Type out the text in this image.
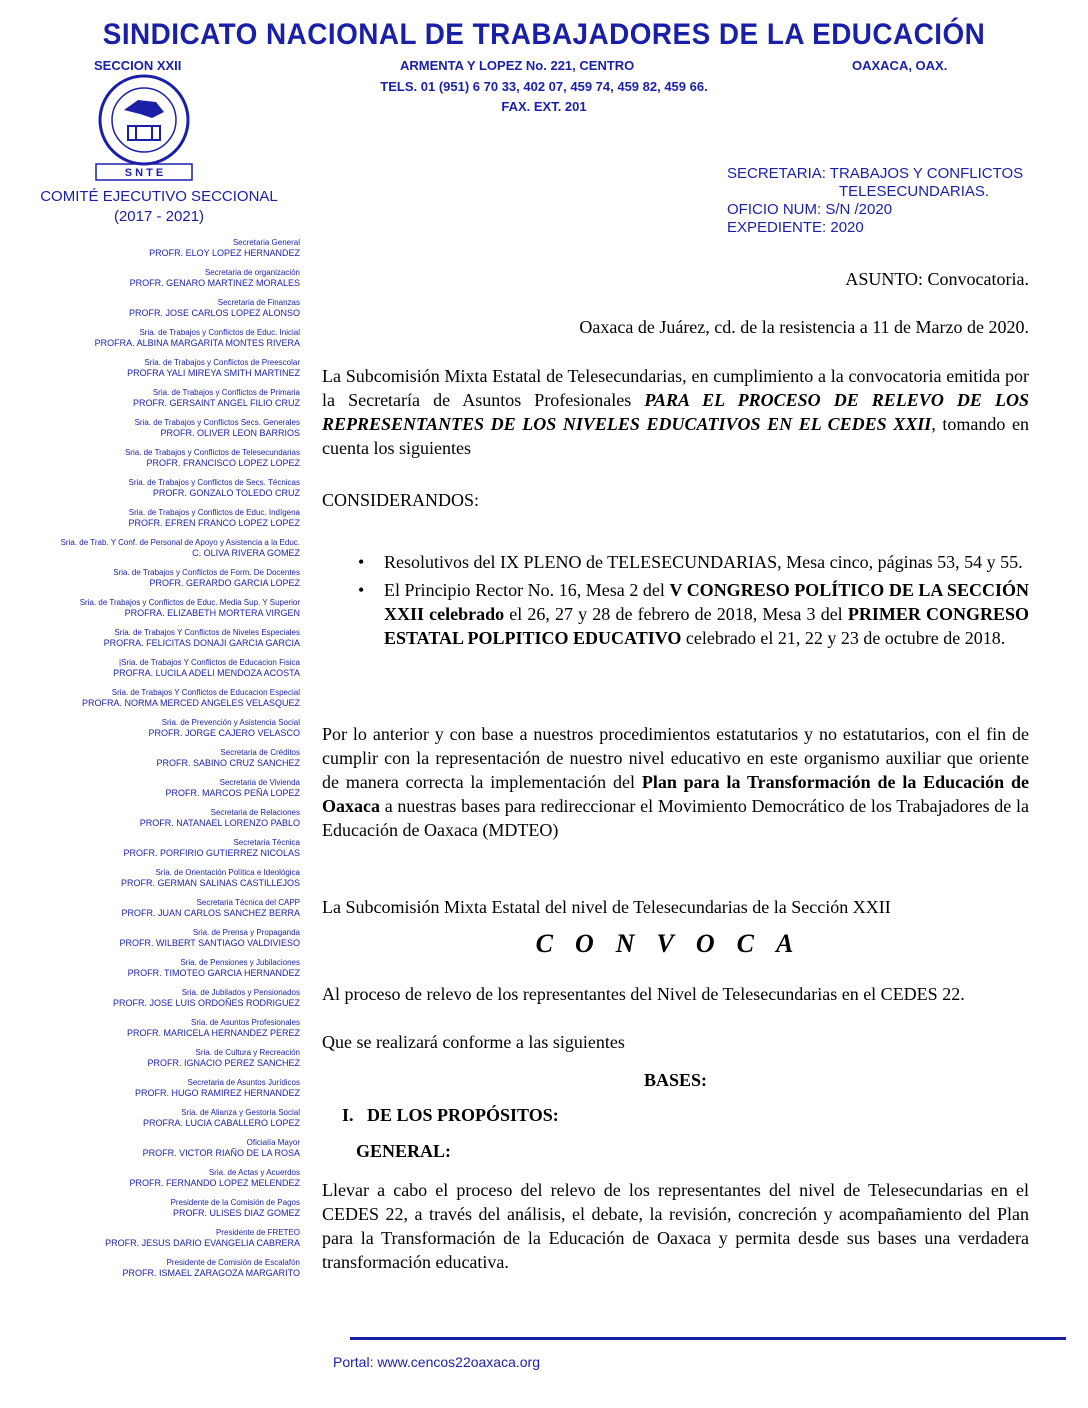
SINDICATO NACIONAL DE TRABAJADORES DE LA EDUCACIÓN
SECCION XXII	ARMENTA Y LOPEZ No. 221, CENTRO	OAXACA, OAX.
TELS. 01 (951) 6 70 33, 402 07, 459 74, 459 82, 459 66.
FAX. EXT. 201
S N T E
COMITÉ EJECUTIVO SECCIONAL
(2017 - 2021)
Secretaria General
PROFR. ELOY LOPEZ HERNANDEZ
Secretaria de organización
PROFR. GENARO MARTINEZ MORALES
Secretaria de Finanzas
PROFR. JOSE CARLOS LOPEZ ALONSO
Sria. de Trabajos y Conflictos de Educ. Inicial
PROFRA. ALBINA MARGARITA MONTES RIVERA
Sria. de Trabajos y Conflictos de Preescolar
PROFRA YALI MIREYA SMITH MARTINEZ
Sria. de Trabajos y Conflictos de Primaria
PROFR. GERSAINT ANGEL FILIO CRUZ
Sria. de Trabajos y Conflictos Secs. Generales
PROFR. OLIVER LEON BARRIOS
Sria. de Trabajos y Conflictos de Telesecundarias
PROFR. FRANCISCO LOPEZ LOPEZ
Sria. de Trabajos y Conflictos de Secs. Técnicas
PROFR. GONZALO TOLEDO CRUZ
Sria. de Trabajos y Conflictos de Educ. Indígena
PROFR. EFREN FRANCO LOPEZ LOPEZ
Sria. de Trab. Y Conf. de Personal de Apoyo y Asistencia a la Educ.
C. OLIVA RIVERA GOMEZ
Sria. de Trabajos y Conflictos de Form. De Docentes
PROFR. GERARDO GARCIA LOPEZ
Sria. de Trabajos y Conflictos de Educ. Media Sup. Y Superior
PROFRA. ELIZABETH MORTERA VIRGEN
Sria. de Trabajos Y Conflictos de Niveles Especiales
PROFRA. FELICITAS DONAJI GARCIA GARCIA
|Sria. de Trabajos Y Conflictos de Educacion Fisica
PROFRA. LUCILA ADELI MENDOZA ACOSTA
Sria. de Trabajos Y Conflictos de Educacion Especial
PROFRA. NORMA MERCED ANGELES VELASQUEZ
Sria. de Prevención y Asistencia Social
PROFR. JORGE CAJERO VELASCO
Secretaria de Créditos
PROFR. SABINO CRUZ SANCHEZ
Secretaria de Vivienda
PROFR. MARCOS PEÑA LOPEZ
Secretaria de Relaciones
PROFR. NATANAEL LORENZO PABLO
Secretaria Técnica
PROFR. PORFIRIO GUTIERREZ NICOLAS
Sria. de Orientación Política e Ideológica
PROFR. GERMAN SALINAS CASTILLEJOS
Secretaria Técnica del CAPP
PROFR. JUAN CARLOS SANCHEZ BERRA
Sria. de Prensa y Propaganda
PROFR. WILBERT SANTIAGO VALDIVIESO
Sria. de Pensiones y Jubilaciones
PROFR. TIMOTEO GARCIA HERNANDEZ
Sria. de Jubilados y Pensionados
PROFR. JOSE LUIS ORDOÑES RODRIGUEZ
Sria. de Asuntos Profesionales
PROFR. MARICELA HERNANDEZ PEREZ
Sria. de Cultura y Recreación
PROFR. IGNACIO PEREZ SANCHEZ
Secretaria de Asuntos Jurídicos
PROFR. HUGO RAMIREZ HERNANDEZ
Sria. de Alianza y Gestoría Social
PROFRA. LUCIA CABALLERO LOPEZ
Oficialía Mayor
PROFR. VICTOR RIAÑO DE LA ROSA
Sria. de Actas y Acuerdos
PROFR. FERNANDO LOPEZ MELENDEZ
Presidente de la Comisión de Pagos
PROFR. ULISES DIAZ GOMEZ
Presidente de FRETEO
PROFR. JESUS DARIO EVANGELIA CABRERA
Presidente de Comisión de Escalafón
PROFR. ISMAEL ZARAGOZA MARGARITO
SECRETARIA: TRABAJOS Y CONFLICTOS
TELESECUNDARIAS.
OFICIO NUM: S/N /2020
EXPEDIENTE: 2020
ASUNTO: Convocatoria.
Oaxaca de Juárez, cd. de la resistencia a 11 de Marzo de 2020.
La Subcomisión Mixta Estatal de Telesecundarias, en cumplimiento a la convocatoria emitida por la Secretaría de Asuntos Profesionales PARA EL PROCESO DE RELEVO DE LOS REPRESENTANTES DE LOS NIVELES EDUCATIVOS EN EL CEDES XXII, tomando en cuenta los siguientes
CONSIDERANDOS:
• Resolutivos del IX PLENO de TELESECUNDARIAS, Mesa cinco, páginas 53, 54 y 55.
• El Principio Rector No. 16, Mesa 2 del V CONGRESO POLÍTICO DE LA SECCIÓN XXII celebrado el 26, 27 y 28 de febrero de 2018, Mesa 3 del PRIMER CONGRESO ESTATAL POLPITICO EDUCATIVO celebrado el 21, 22 y 23 de octubre de 2018.
Por lo anterior y con base a nuestros procedimientos estatutarios y no estatutarios, con el fin de cumplir con la representación de nuestro nivel educativo en este organismo auxiliar que oriente de manera correcta la implementación del Plan para la Transformación de la Educación de Oaxaca a nuestras bases para redireccionar el Movimiento Democrático de los Trabajadores de la Educación de Oaxaca (MDTEO)
La Subcomisión Mixta Estatal del nivel de Telesecundarias de la Sección XXII
CONVOCA
Al proceso de relevo de los representantes del Nivel de Telesecundarias en el CEDES 22.
Que se realizará conforme a las siguientes
BASES:
I. DE LOS PROPÓSITOS:
GENERAL:
Llevar a cabo el proceso del relevo de los representantes del nivel de Telesecundarias en el CEDES 22, a través del análisis, el debate, la revisión, concreción y acompañamiento del Plan para la Transformación de la Educación de Oaxaca y permita desde sus bases una verdadera transformación educativa.
Portal: www.cencos22oaxaca.org
